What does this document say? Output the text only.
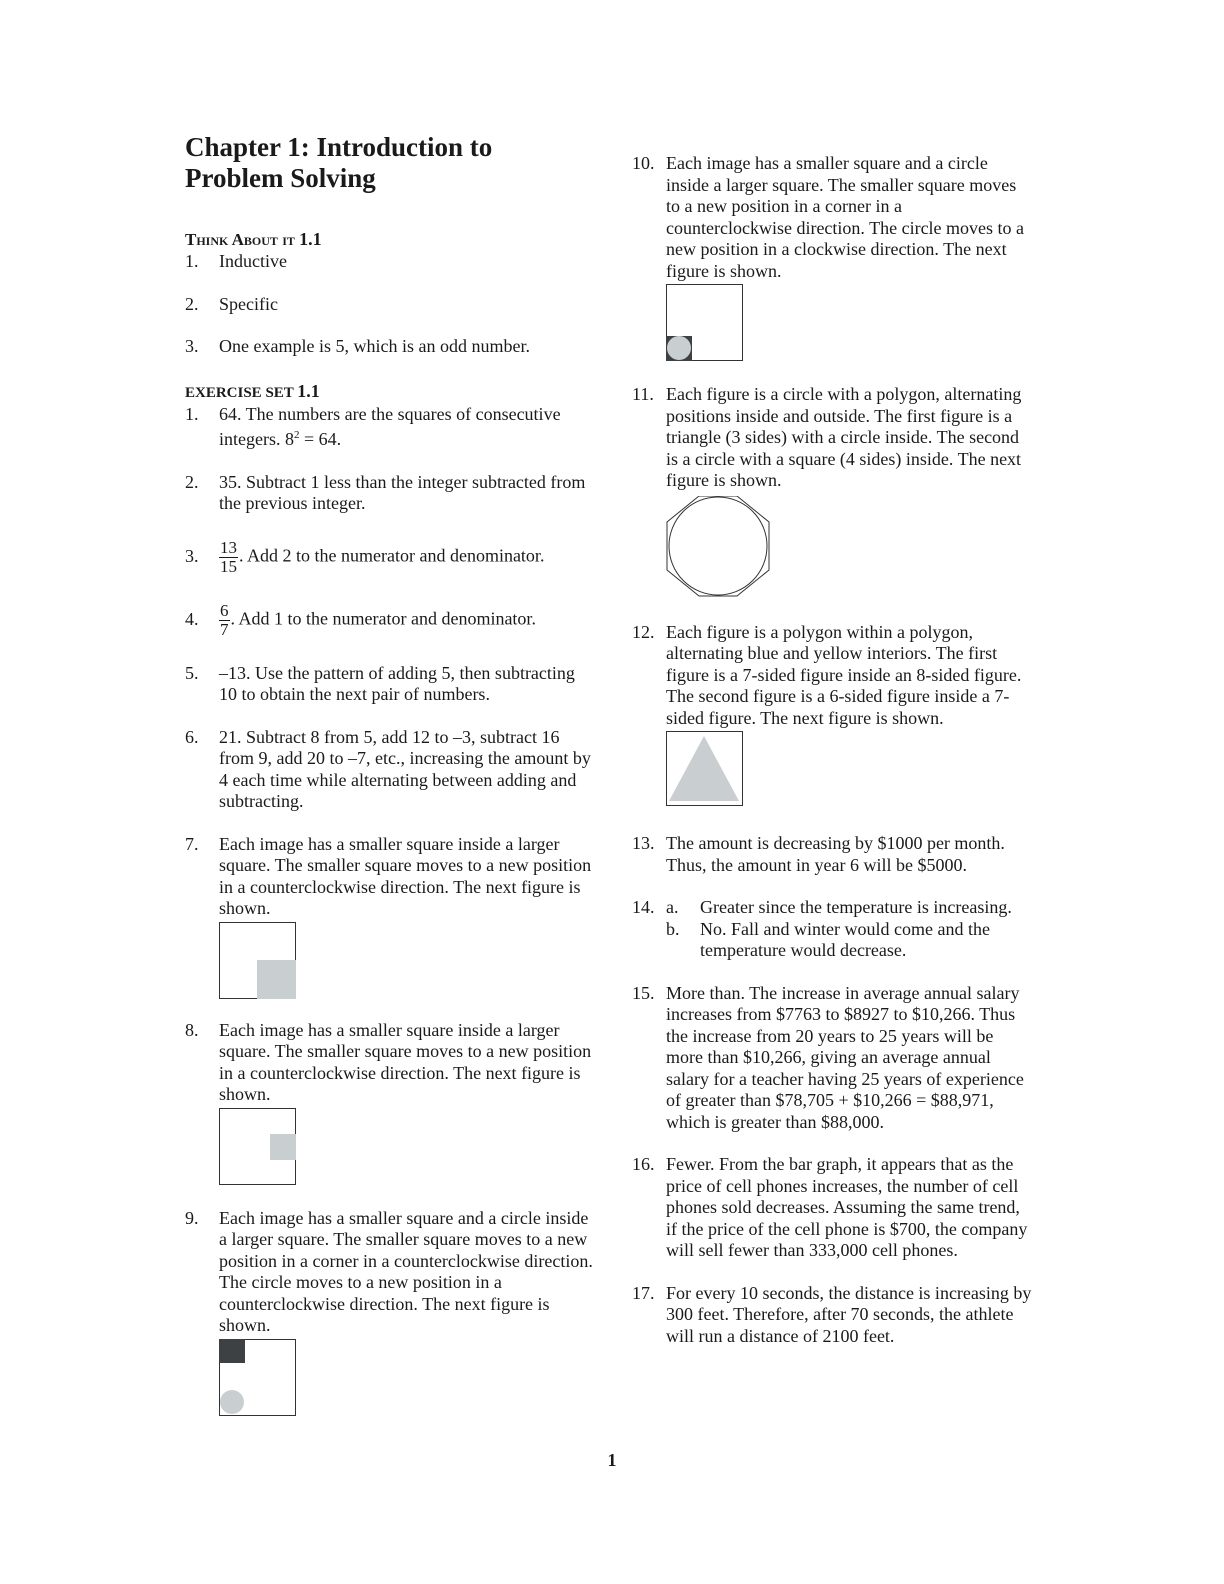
Chapter 1: Introduction to
Problem Solving
Think About it 1.1
1.	Inductive
2.	Specific
3.	One example is 5, which is an odd number.
EXERCISE SET 1.1
1.	64. The numbers are the squares of consecutive integers. $8^2 = 64$.
2.	35. Subtract 1 less than the integer subtracted from the previous integer.
3.	$\frac{13}{15}$ . Add 2 to the numerator and denominator.
4.	$\frac{6}{7}$ . Add 1 to the numerator and denominator.
5.	–13. Use the pattern of adding 5, then subtracting 10 to obtain the next pair of numbers.
6.	21. Subtract 8 from 5, add 12 to –3, subtract 16 from 9, add 20 to –7, etc., increasing the amount by 4 each time while alternating between adding and subtracting.
7.	Each image has a smaller square inside a larger square. The smaller square moves to a new position in a counterclockwise direction. The next figure is shown.
8.	Each image has a smaller square inside a larger square. The smaller square moves to a new position in a counterclockwise direction. The next figure is shown.
9.	Each image has a smaller square and a circle inside a larger square. The smaller square moves to a new position in a corner in a counterclockwise direction. The circle moves to a new position in a counterclockwise direction. The next figure is shown.
10. Each image has a smaller square and a circle inside a larger square. The smaller square moves to a new position in a corner in a counterclockwise direction. The circle moves to a new position in a clockwise direction. The next figure is shown.
11. Each figure is a circle with a polygon, alternating positions inside and outside. The first figure is a triangle (3 sides) with a circle inside. The second is a circle with a square (4 sides) inside. The next figure is shown.
12. Each figure is a polygon within a polygon, alternating blue and yellow interiors. The first figure is a 7-sided figure inside an 8-sided figure. The second figure is a 6-sided figure inside a 7-sided figure. The next figure is shown.
13. The amount is decreasing by $1000 per month. Thus, the amount in year 6 will be $5000.
14. a.	Greater since the temperature is increasing.
b.	No. Fall and winter would come and the temperature would decrease.
15. More than. The increase in average annual salary increases from $7763 to $8927 to $10,266. Thus the increase from 20 years to 25 years will be more than $10,266, giving an average annual salary for a teacher having 25 years of experience of greater than $78,705 + $10,266 = $88,971, which is greater than $88,000.
16. Fewer. From the bar graph, it appears that as the price of cell phones increases, the number of cell phones sold decreases. Assuming the same trend, if the price of the cell phone is $700, the company will sell fewer than 333,000 cell phones.
17. For every 10 seconds, the distance is increasing by 300 feet. Therefore, after 70 seconds, the athlete will run a distance of 2100 feet.
1
